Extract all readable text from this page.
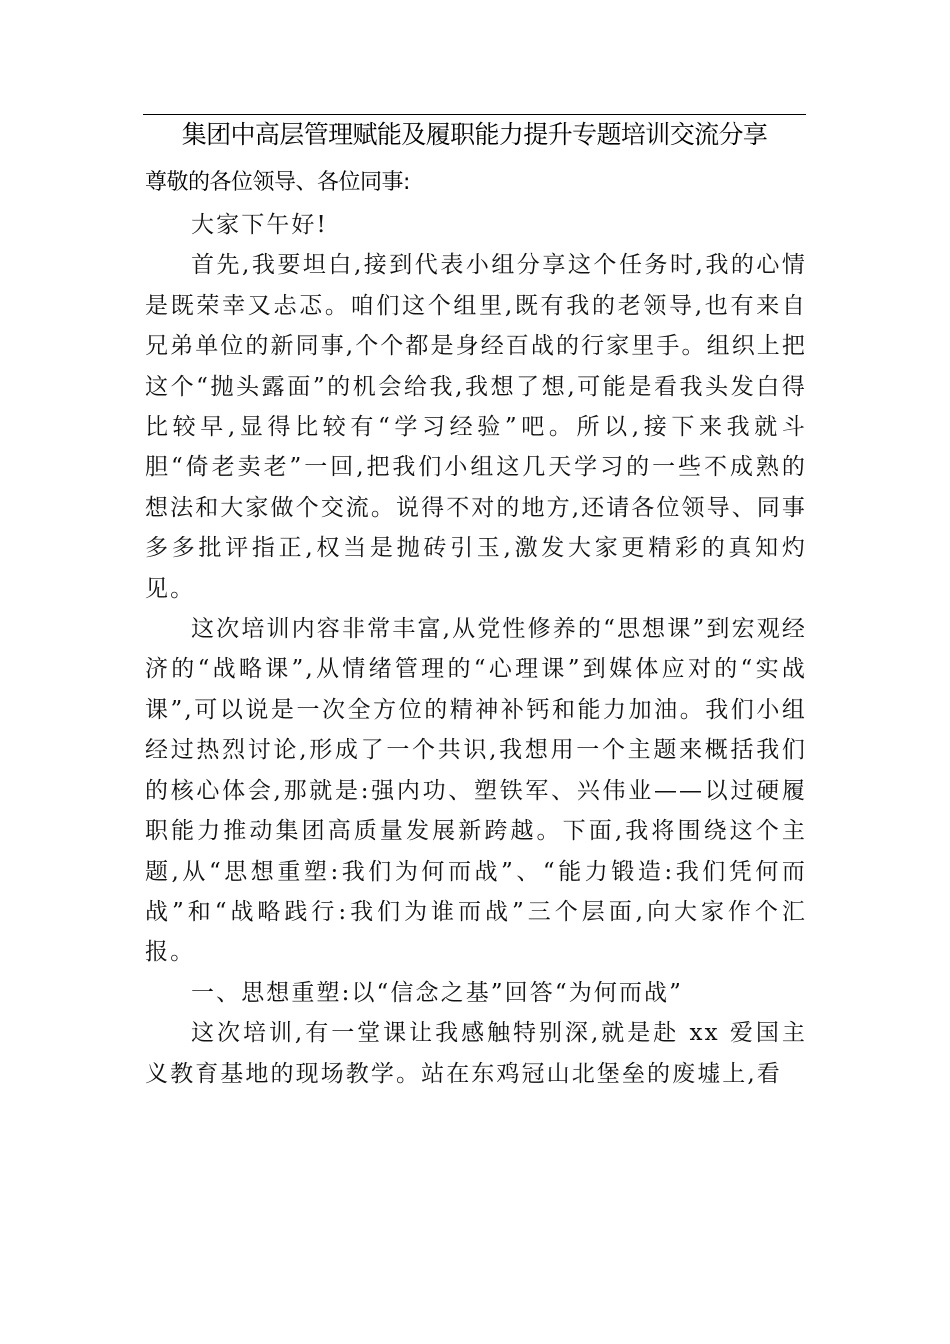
集团中高层管理赋能及履职能力提升专题培训交流分享
尊敬的各位领导、各位同事:

大家下午好!

首先,我要坦白,接到代表小组分享这个任务时,我的心情是既荣幸又忐忑。咱们这个组里,既有我的老领导,也有来自兄弟单位的新同事,个个都是身经百战的行家里手。组织上把这个“抛头露面”的机会给我,我想了想,可能是看我头发白得比较早,显得比较有“学习经验”吧。所以,接下来我就斗胆“倚老卖老”一回,把我们小组这几天学习的一些不成熟的想法和大家做个交流。说得不对的地方,还请各位领导、同事多多批评指正,权当是抛砖引玉,激发大家更精彩的真知灼见。

这次培训内容非常丰富,从党性修养的“思想课”到宏观经济的“战略课”,从情绪管理的“心理课”到媒体应对的“实战课”,可以说是一次全方位的精神补钙和能力加油。我们小组经过热烈讨论,形成了一个共识,我想用一个主题来概括我们的核心体会,那就是:强内功、塑铁军、兴伟业——以过硬履职能力推动集团高质量发展新跨越。下面,我将围绕这个主题,从“思想重塑:我们为何而战”、“能力锻造:我们凭何而战”和“战略践行:我们为谁而战”三个层面,向大家作个汇报。

一、思想重塑:以“信念之基”回答“为何而战”

这次培训,有一堂课让我感触特别深,就是赴 xx 爱国主义教育基地的现场教学。站在东鸡冠山北堡垒的废墟上,看
